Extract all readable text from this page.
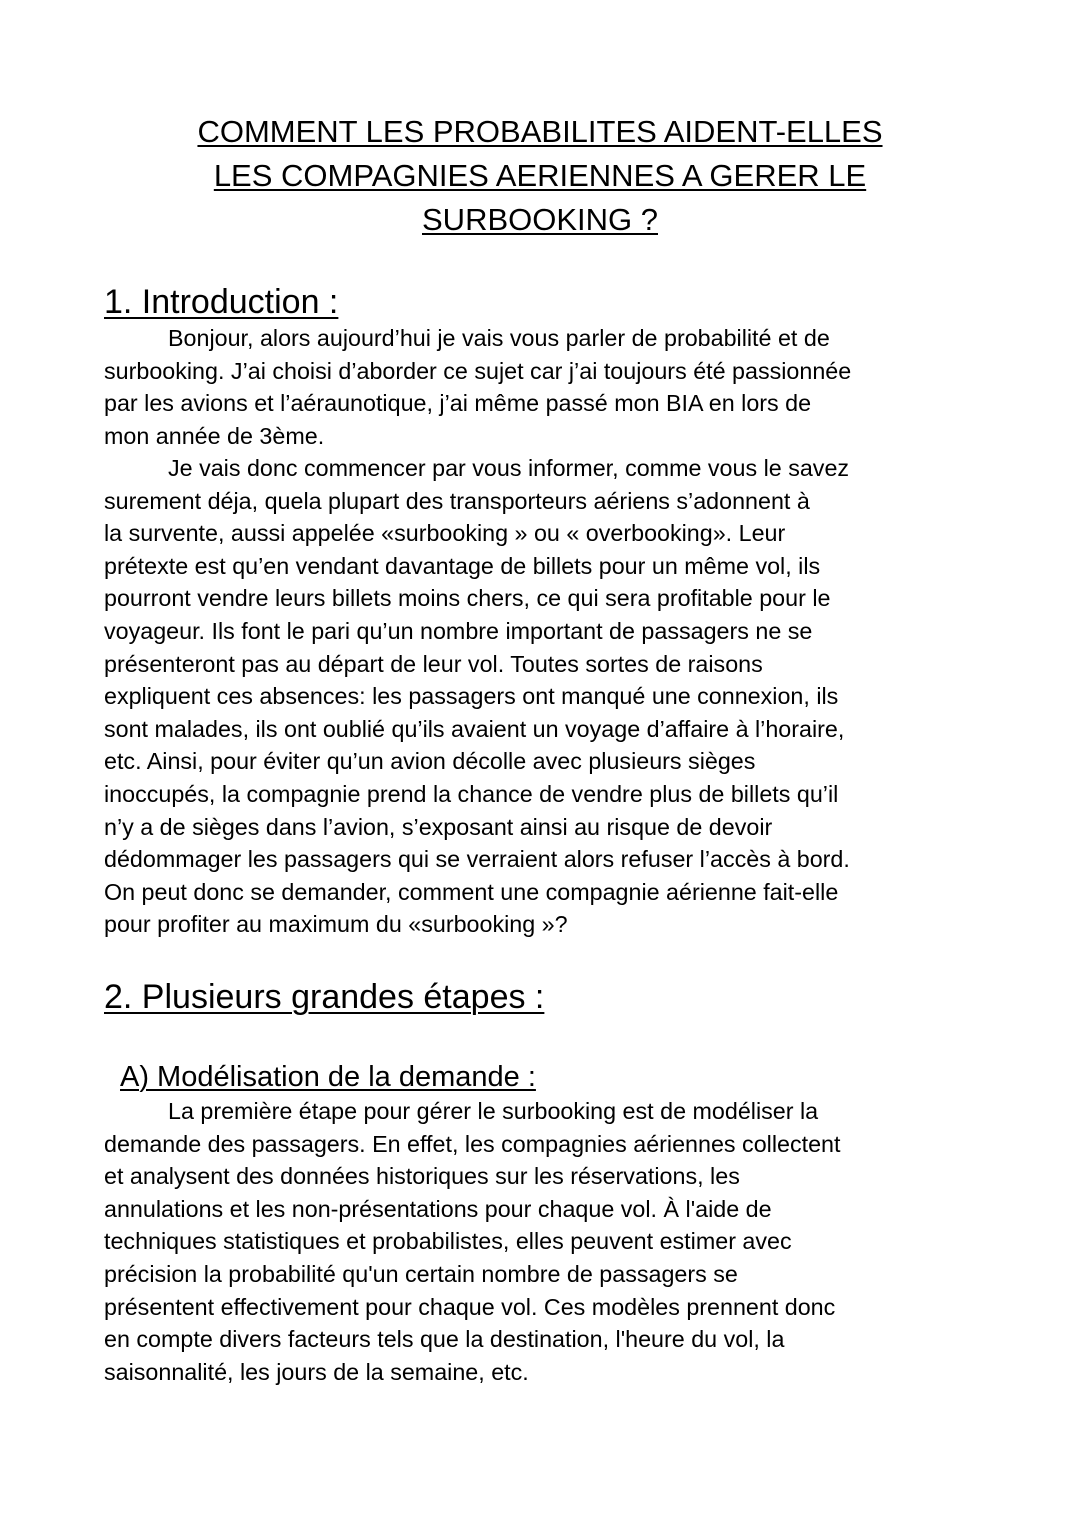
COMMENT LES PROBABILITES AIDENT-ELLES
LES COMPAGNIES AERIENNES A GERER LE
SURBOOKING ?
1. Introduction :
Bonjour, alors aujourd’hui je vais vous parler de probabilité et de
surbooking. J’ai choisi d’aborder ce sujet car j’ai toujours été passionnée
par les avions et l’aéraunotique, j’ai même passé mon BIA en lors de
mon année de 3ème.
Je vais donc commencer par vous informer, comme vous le savez
surement déja, quela plupart des transporteurs aériens s’adonnent à
la survente, aussi appelée «surbooking » ou « overbooking». Leur
prétexte est qu’en vendant davantage de billets pour un même vol, ils
pourront vendre leurs billets moins chers, ce qui sera profitable pour le
voyageur. Ils font le pari qu’un nombre important de passagers ne se
présenteront pas au départ de leur vol. Toutes sortes de raisons
expliquent ces absences: les passagers ont manqué une connexion, ils
sont malades, ils ont oublié qu’ils avaient un voyage d’affaire à l’horaire,
etc. Ainsi, pour éviter qu’un avion décolle avec plusieurs sièges
inoccupés, la compagnie prend la chance de vendre plus de billets qu’il
n’y a de sièges dans l’avion, s’exposant ainsi au risque de devoir
dédommager les passagers qui se verraient alors refuser l’accès à bord.
On peut donc se demander, comment une compagnie aérienne fait-elle
pour profiter au maximum du «surbooking »?
2. Plusieurs grandes étapes :
A) Modélisation de la demande :
La première étape pour gérer le surbooking est de modéliser la
demande des passagers. En effet, les compagnies aériennes collectent
et analysent des données historiques sur les réservations, les
annulations et les non-présentations pour chaque vol. À l'aide de
techniques statistiques et probabilistes, elles peuvent estimer avec
précision la probabilité qu'un certain nombre de passagers se
présentent effectivement pour chaque vol. Ces modèles prennent donc
en compte divers facteurs tels que la destination, l'heure du vol, la
saisonnalité, les jours de la semaine, etc.
